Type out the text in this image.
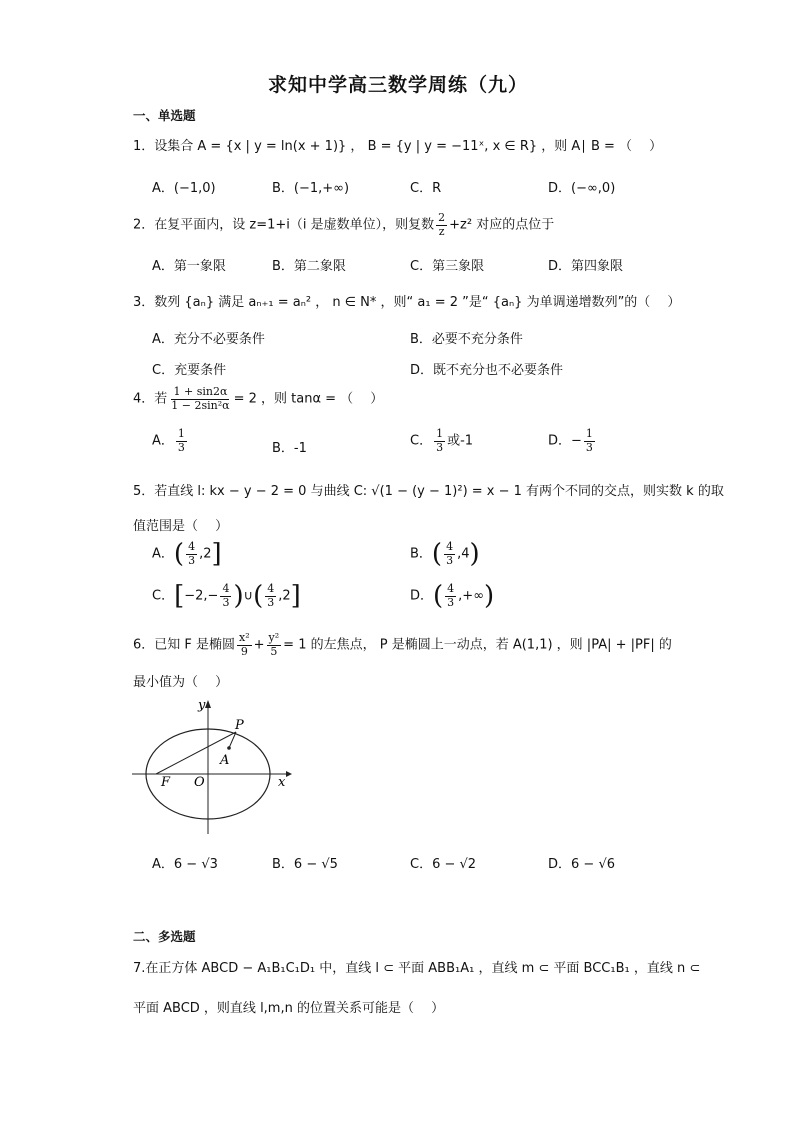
求知中学高三数学周练（九）
一、单选题
1．设集合 A = {x | y = ln(x + 1)} ， B = {y | y = −11ˣ, x ∈ R} ，则 A∣ B = （　 ）
A．(−1,0)	B．(−1,+∞)	C．R	D．(−∞,0)
2．在复平面内，设 z=1+i（i 是虚数单位），则复数 $\frac{2}{z} +z^2$ 对应的点位于
A．第一象限	B．第二象限	C．第三象限	D．第四象限
3．数列 {aₙ} 满足 aₙ₊₁ = aₙ² ， n ∈ N* ，则“ a₁ = 2 ”是“ {aₙ} 为单调递增数列”的（　 ）
A．充分不必要条件	B．必要不充分条件
C．充要条件	D．既不充分也不必要条件
4．若 $\frac{1 + \sin 2\alpha}{\text{1 − 2sin²α}} = 2$ ，则 tanα = （　 ）
A． $\frac{1}{3}$	B．-1	C． $\frac{1}{3}$ 或-1	D．− $\frac{1}{3}$
5．若直线 l: kx − y − 2 = 0 与曲线 C: √(1 − (y − 1)²) = x − 1 有两个不同的交点，则实数 k 的取
值范围是（　 ）
A．( $\frac{4}{3} ,2$]	B．( $\frac{4}{3} ,4$)
C．[$-2,- \frac{4}{3}$ )∪( $\frac{4}{3} ,2$]	D．( $\frac{4}{3}$ ,+∞)
6．已知 F 是椭圆 $\frac{\text{x²}}{9} + \frac{\text{y²}}{5} = 1$ 的左焦点， P 是椭圆上一动点，若 A(1,1) ，则 |PA| + |PF| 的
最小值为（　 ）
y
x
P
A
F O
A．6 − √3	B．6 − √5	C．6 − √2	D．6 − √6
二、多选题
7.在正方体 ABCD − A₁B₁C₁D₁ 中，直线 l ⊂ 平面 ABB₁A₁ ，直线 m ⊂ 平面 BCC₁B₁ ，直线 n ⊂
平面 ABCD ，则直线 l,m,n 的位置关系可能是（　 ）
